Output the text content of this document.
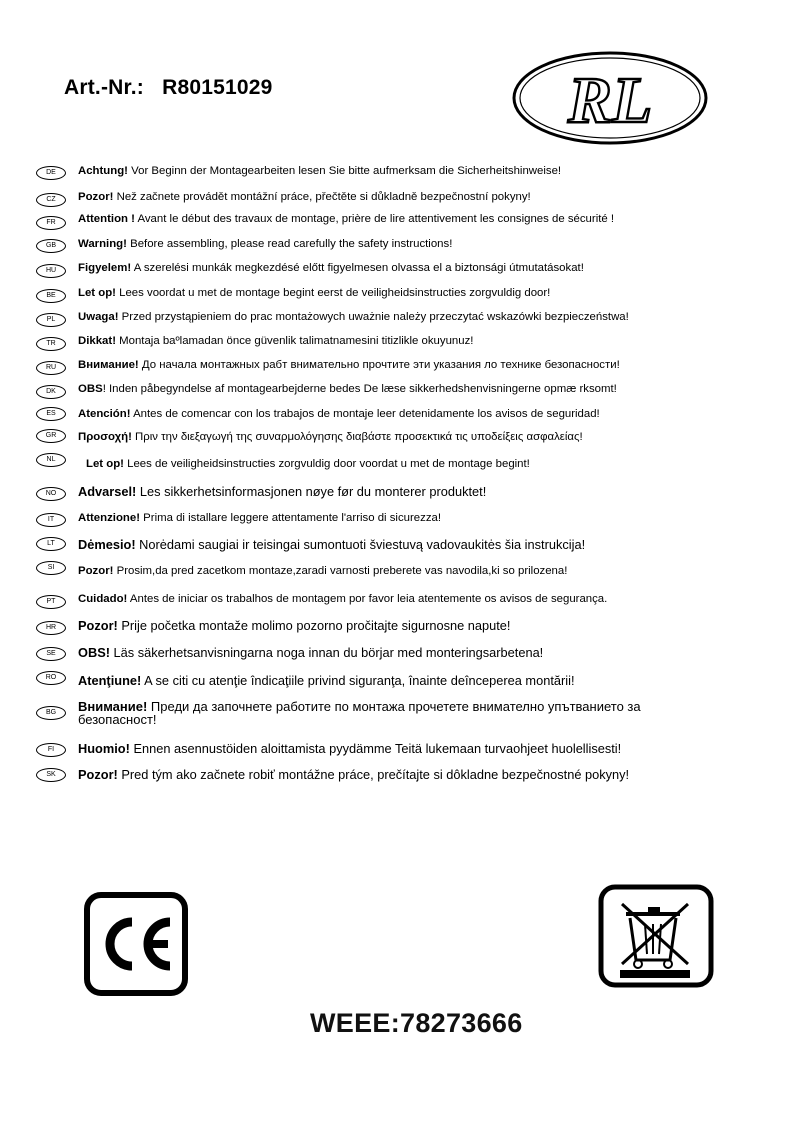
Art.-Nr.: R80151029	RL
DE	Achtung! Vor Beginn der Montagearbeiten lesen Sie bitte aufmerksam die Sicherheitshinweise!
CZ	Pozor! Než začnete provádět montážní práce, přečtěte si důkladně bezpečnostní pokyny!
FR	Attention ! Avant le début des travaux de montage, prière de lire attentivement les consignes de sécurité !
GB	Warning! Before assembling, please read carefully the safety instructions!
HU	Figyelem! A szerelési munkák megkezdésé előtt figyelmesen olvassa el a biztonsági útmutatásokat!
BE	Let op! Lees voordat u met de montage begint eerst de veiligheidsinstructies zorgvuldig door!
PL	Uwaga! Przed przystąpieniem do prac montażowych uważnie należy przeczytać wskazówki bezpieczeństwa!
TR	Dikkat! Montaja baºlamadan önce güvenlik talimatnamesini titizlikle okuyunuz!
RU	Внимание! До начала монтажных рабт внимательно прочтите эти указания ло технике безопасности!
DK	OBS! Inden påbegyndelse af montagearbejderne bedes De læse sikkerhedshenvisningerne opmæ rksomt!
ES	Atención! Antes de comencar con los trabajos de montaje leer detenidamente los avisos de seguridad!
GR	Προσοχή! Πριν την διεξαγωγή της συναρμολόγησης διαβάστε προσεκτικά τις υποδείξεις ασφαλείας!
NL	Let op! Lees de veiligheidsinstructies zorgvuldig door voordat u met de montage begint!
NO	Advarsel! Les sikkerhetsinformasjonen nøye før du monterer produktet!
IT	Attenzione! Prima di istallare leggere attentamente l'arriso di sicurezza!
LT	Dėmesio! Norėdami saugiai ir teisingai sumontuoti šviestuvą vadovaukitės šia instrukcija!
SI	Pozor! Prosim,da pred zacetkom montaze,zaradi varnosti preberete vas navodila,ki so prilozena!
PT	Cuidado! Antes de iniciar os trabalhos de montagem por favor leia atentemente os avisos de segurança.
HR	Pozor! Prije početka montaže molimo pozorno pročitajte sigurnosne napute!
SE	OBS! Läs säkerhetsanvisningarna noga innan du börjar med monteringsarbetena!
RO	Atenţiune! A se citi cu atenţie îndicaţiile privind siguranţa, înainte deînceperea montării!
BG	Внимание! Преди да започнете работите по монтажа прочетете внимателно упътванието за безопасност!
FI	Huomio! Ennen asennustöiden aloittamista pyydämme Teitä lukemaan turvaohjeet huolellisesti!
SK	Pozor! Pred tým ako začnete robiť montážne práce, prečítajte si dôkladne bezpečnostné pokyny!
WEEE:78273666
